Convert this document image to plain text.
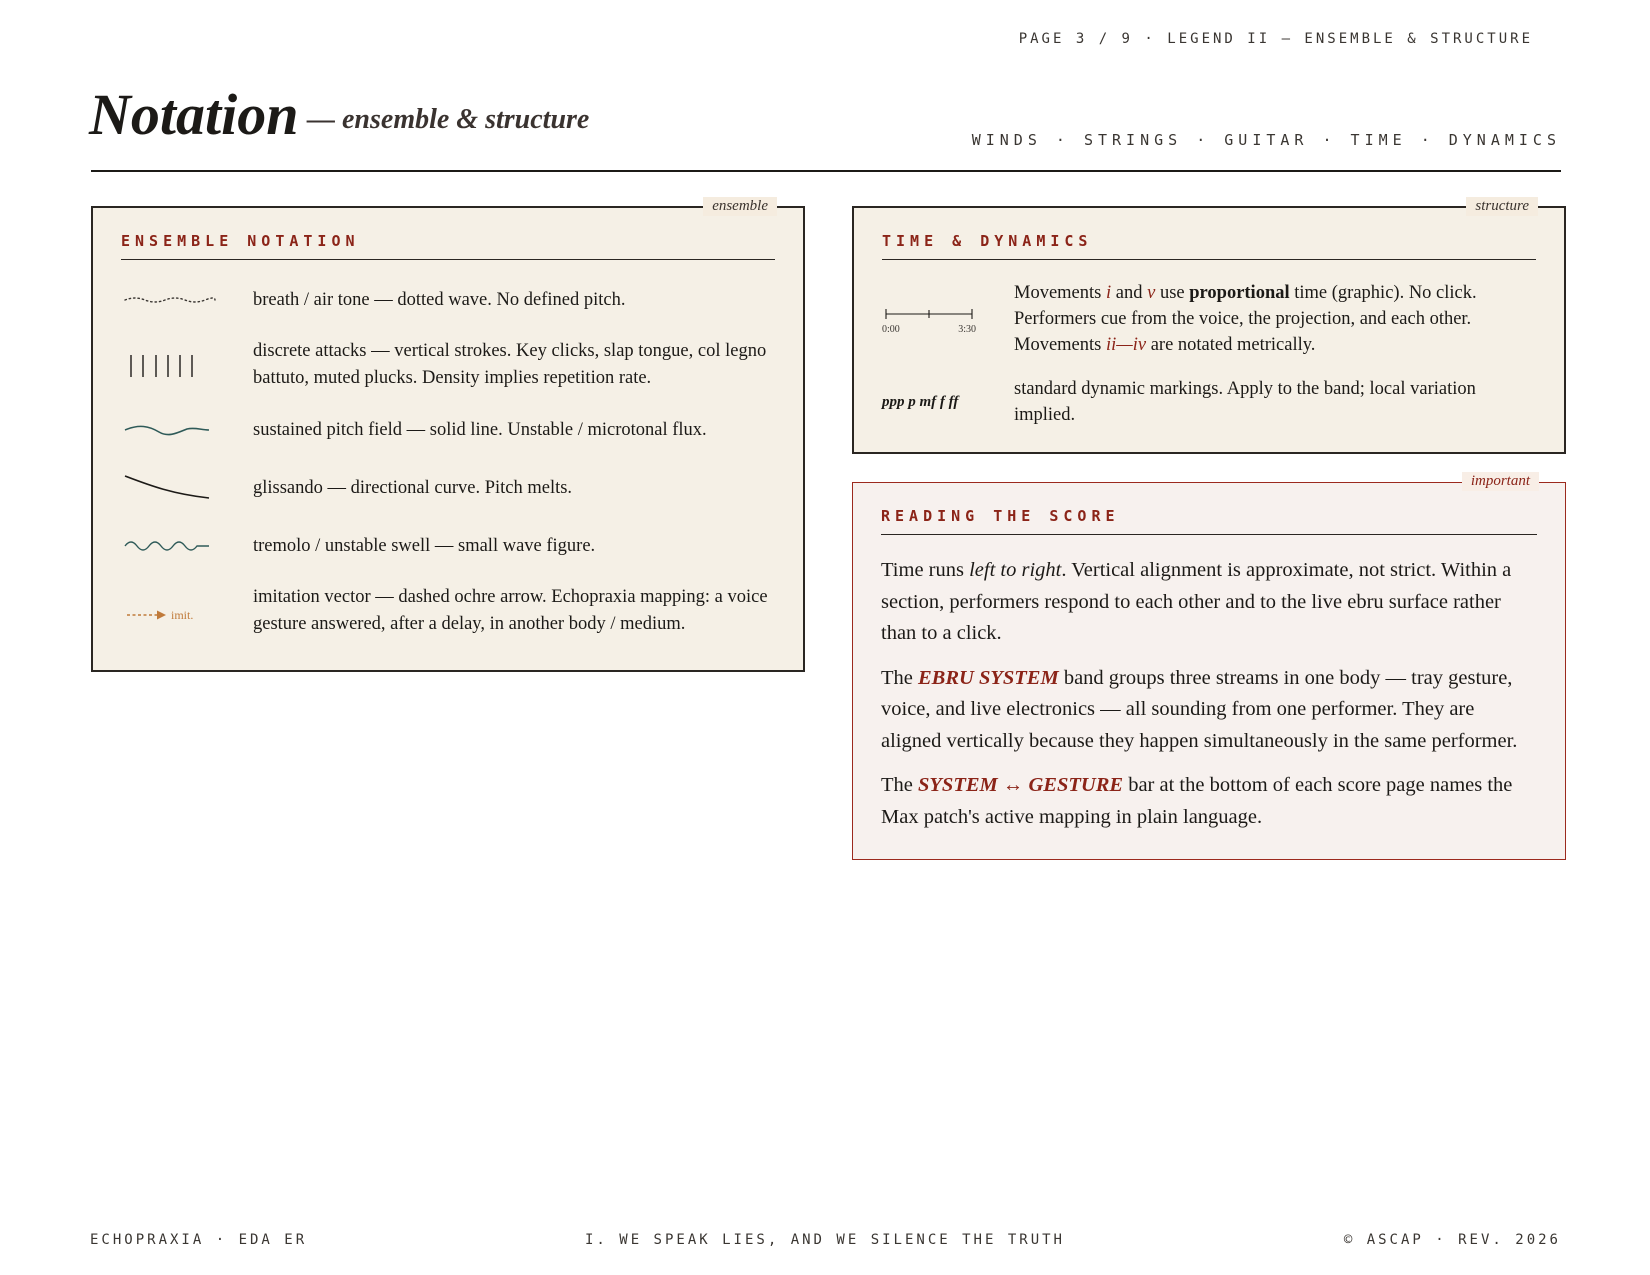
PAGE 3 / 9 · LEGEND II — ENSEMBLE & STRUCTURE
Notation — ensemble & structure
WINDS · STRINGS · GUITAR · TIME · DYNAMICS
ensemble
ENSEMBLE NOTATION
breath / air tone — dotted wave. No defined pitch.
discrete attacks — vertical strokes. Key clicks, slap tongue, col legno battuto, muted plucks. Density implies repetition rate.
sustained pitch field — solid line. Unstable / microtonal flux.
glissando — directional curve. Pitch melts.
tremolo / unstable swell — small wave figure.
imit.
imitation vector — dashed ochre arrow. Echopraxia mapping: a voice gesture answered, after a delay, in another body / medium.
structure
TIME & DYNAMICS
0:00	3:30
Movements i and v use proportional time (graphic). No click. Performers cue from the voice, the projection, and each other. Movements ii—iv are notated metrically.
ppp p mf f ff
standard dynamic markings. Apply to the band; local variation implied.
important
READING THE SCORE

Time runs left to right. Vertical alignment is approximate, not strict. Within a section, performers respond to each other and to the live ebru surface rather than to a click.

The EBRU SYSTEM band groups three streams in one body — tray gesture, voice, and live electronics — all sounding from one performer. They are aligned vertically because they happen simultaneously in the same performer.

The SYSTEM ↔ GESTURE bar at the bottom of each score page names the Max patch's active mapping in plain language.

ECHOPRAXIA · EDA ER	I. WE SPEAK LIES, AND WE SILENCE THE TRUTH	© ASCAP · REV. 2026
